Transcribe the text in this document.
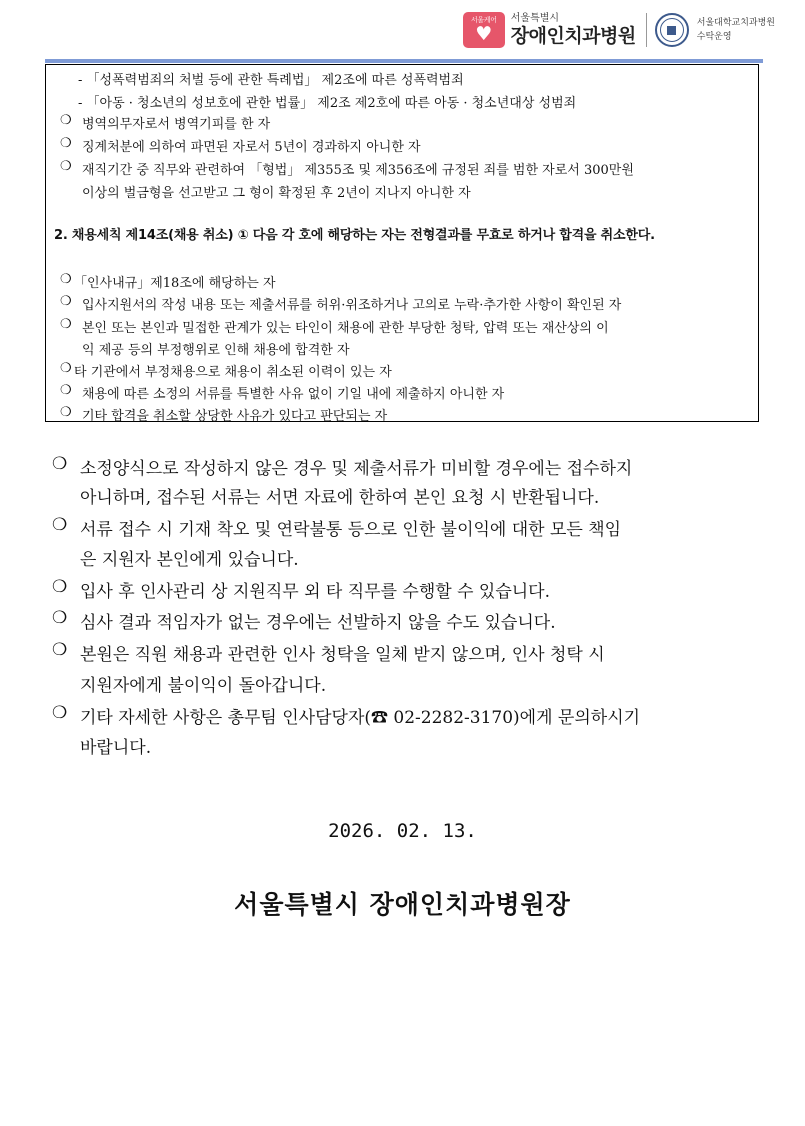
서울케어
♥
서울특별시
장애인치과병원
서울대학교치과병원
수탁운영
- 「성폭력범죄의 처벌 등에 관한 특례법」 제2조에 따른 성폭력범죄
- 「아동 · 청소년의 성보호에 관한 법률」 제2조 제2호에 따른 아동 · 청소년대상 성범죄
❍ 병역의무자로서 병역기피를 한 자
❍ 징계처분에 의하여 파면된 자로서 5년이 경과하지 아니한 자
❍ 재직기간 중 직무와 관련하여 「형법」 제355조 및 제356조에 규정된 죄를 범한 자로서 300만원
이상의 벌금형을 선고받고 그 형이 확정된 후 2년이 지나지 아니한 자
2. 채용세칙 제14조(채용 취소) ① 다음 각 호에 해당하는 자는 전형결과를 무효로 하거나 합격을 취소한다.
❍ 「인사내규」제18조에 해당하는 자
❍ 입사지원서의 작성 내용 또는 제출서류를 허위·위조하거나 고의로 누락·추가한 사항이 확인된 자
❍ 본인 또는 본인과 밀접한 관계가 있는 타인이 채용에 관한 부당한 청탁, 압력 또는 재산상의 이
익 제공 등의 부정행위로 인해 채용에 합격한 자
❍ 타 기관에서 부정채용으로 채용이 취소된 이력이 있는 자
❍ 채용에 따른 소정의 서류를 특별한 사유 없이 기일 내에 제출하지 아니한 자
❍ 기타 합격을 취소할 상당한 사유가 있다고 판단되는 자
❍ 소정양식으로 작성하지 않은 경우 및 제출서류가 미비할 경우에는 접수하지
아니하며, 접수된 서류는 서면 자료에 한하여 본인 요청 시 반환됩니다.
❍ 서류 접수 시 기재 착오 및 연락불통 등으로 인한 불이익에 대한 모든 책임
은 지원자 본인에게 있습니다.
❍ 입사 후 인사관리 상 지원직무 외 타 직무를 수행할 수 있습니다.
❍ 심사 결과 적임자가 없는 경우에는 선발하지 않을 수도 있습니다.
❍ 본원은 직원 채용과 관련한 인사 청탁을 일체 받지 않으며, 인사 청탁 시
지원자에게 불이익이 돌아갑니다.
❍ 기타 자세한 사항은 총무팀 인사담당자(☎ 02-2282-3170)에게 문의하시기
바랍니다.
2026. 02. 13.
서울특별시 장애인치과병원장
